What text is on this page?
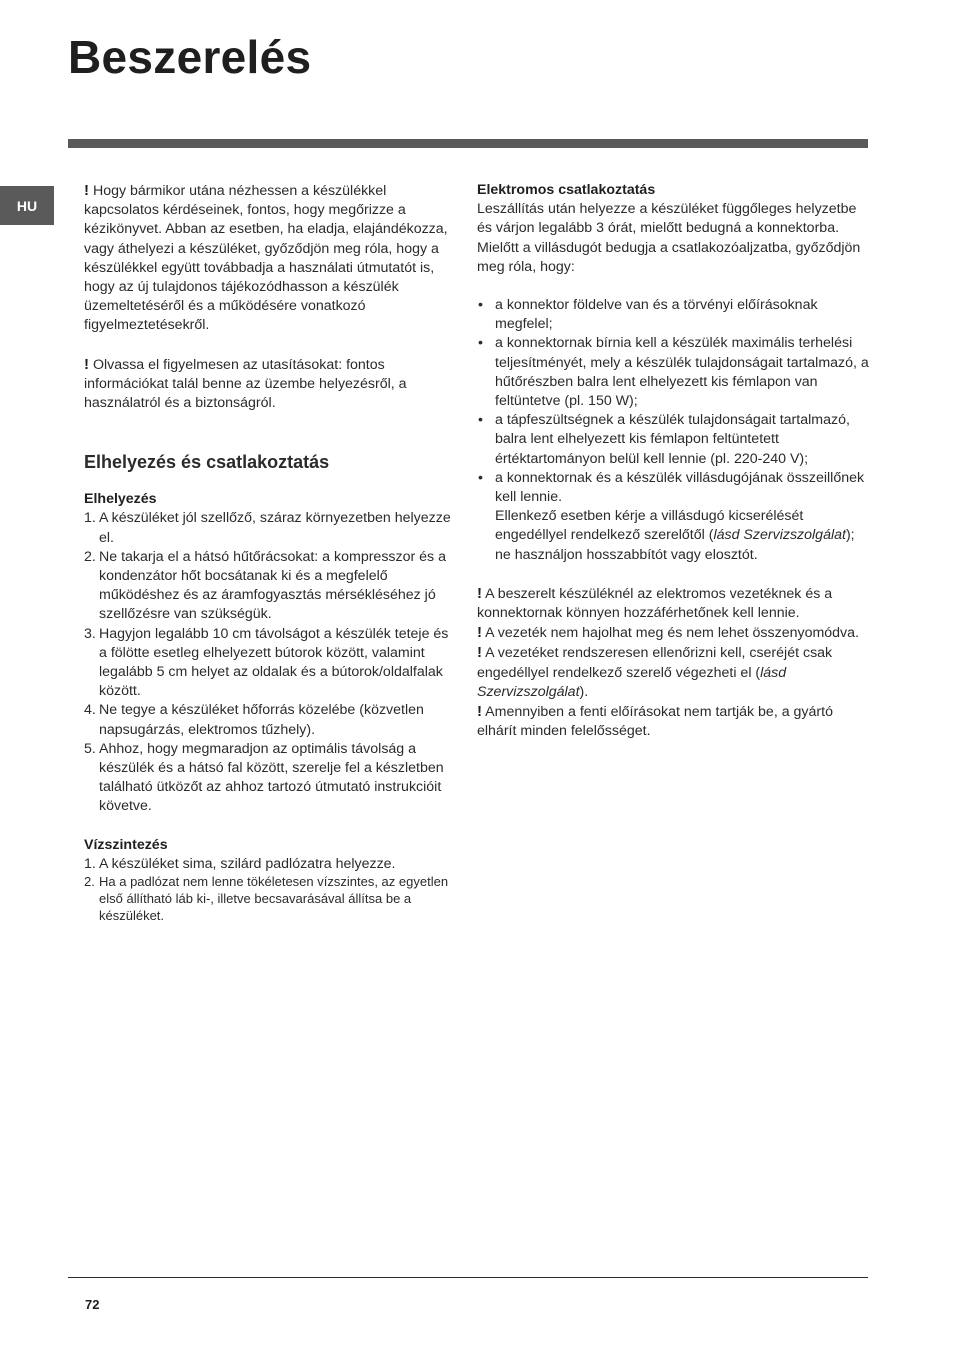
Beszerelés
HU

! Hogy bármikor utána nézhessen a készülékkel kapcsolatos kérdéseinek, fontos, hogy megőrizze a kézikönyvet. Abban az esetben, ha eladja, elajándékozza, vagy áthelyezi a készüléket, győződjön meg róla, hogy a készülékkel együtt továbbadja a használati útmutatót is, hogy az új tulajdonos tájékozódhasson a készülék üzemeltetéséről és a működésére vonatkozó figyelmeztetésekről.

! Olvassa el figyelmesen az utasításokat: fontos információkat talál benne az üzembe helyezésről, a használatról és a biztonságról.

Elhelyezés és csatlakoztatás
Elhelyezés
1. A készüléket jól szellőző, száraz környezetben helyezze el.
2. Ne takarja el a hátsó hűtőrácsokat: a kompresszor és a kondenzátor hőt bocsátanak ki és a megfelelő működéshez és az áramfogyasztás mérsékléséhez jó szellőzésre van szükségük.
3. Hagyjon legalább 10 cm távolságot a készülék teteje és a fölötte esetleg elhelyezett bútorok között, valamint legalább 5 cm helyet az oldalak és a bútorok/oldalfalak között.
4. Ne tegye a készüléket hőforrás közelébe (közvetlen napsugárzás, elektromos tűzhely).
5. Ahhoz, hogy megmaradjon az optimális távolság a készülék és a hátsó fal között, szerelje fel a készletben található ütközőt az ahhoz tartozó útmutató instrukcióit követve.
Vízszintezés
1. A készüléket sima, szilárd padlózatra helyezze.
2. Ha a padlózat nem lenne tökéletesen vízszintes, az egyetlen első állítható láb ki-, illetve becsavarásával állítsa be a készüléket.
Elektromos csatlakoztatás

Leszállítás után helyezze a készüléket függőleges helyzetbe és várjon legalább 3 órát, mielőtt bedugná a konnektorba. Mielőtt a villásdugót bedugja a csatlakozóaljzatba, győződjön meg róla, hogy:

• a konnektor földelve van és a törvényi előírásoknak megfelel;
• a konnektornak bírnia kell a készülék maximális terhelési teljesítményét, mely a készülék tulajdonságait tartalmazó, a hűtőrészben balra lent elhelyezett kis fémlapon van feltüntetve (pl. 150 W);
• a tápfeszültségnek a készülék tulajdonságait tartalmazó, balra lent elhelyezett kis fémlapon feltüntetett értéktartományon belül kell lennie (pl. 220-240 V);
• a konnektornak és a készülék villásdugójának összeillőnek kell lennie.
Ellenkező esetben kérje a villásdugó kicserélését engedéllyel rendelkező szerelőtől (lásd Szervizszolgálat); ne használjon hosszabbítót vagy elosztót.

! A beszerelt készüléknél az elektromos vezetéknek és a konnektornak könnyen hozzáférhetőnek kell lennie.

! A vezeték nem hajolhat meg és nem lehet összenyomódva.

! A vezetéket rendszeresen ellenőrizni kell, cseréjét csak engedéllyel rendelkező szerelő végezheti el (lásd Szervizszolgálat).

! Amennyiben a fenti előírásokat nem tartják be, a gyártó elhárít minden felelősséget.

72
